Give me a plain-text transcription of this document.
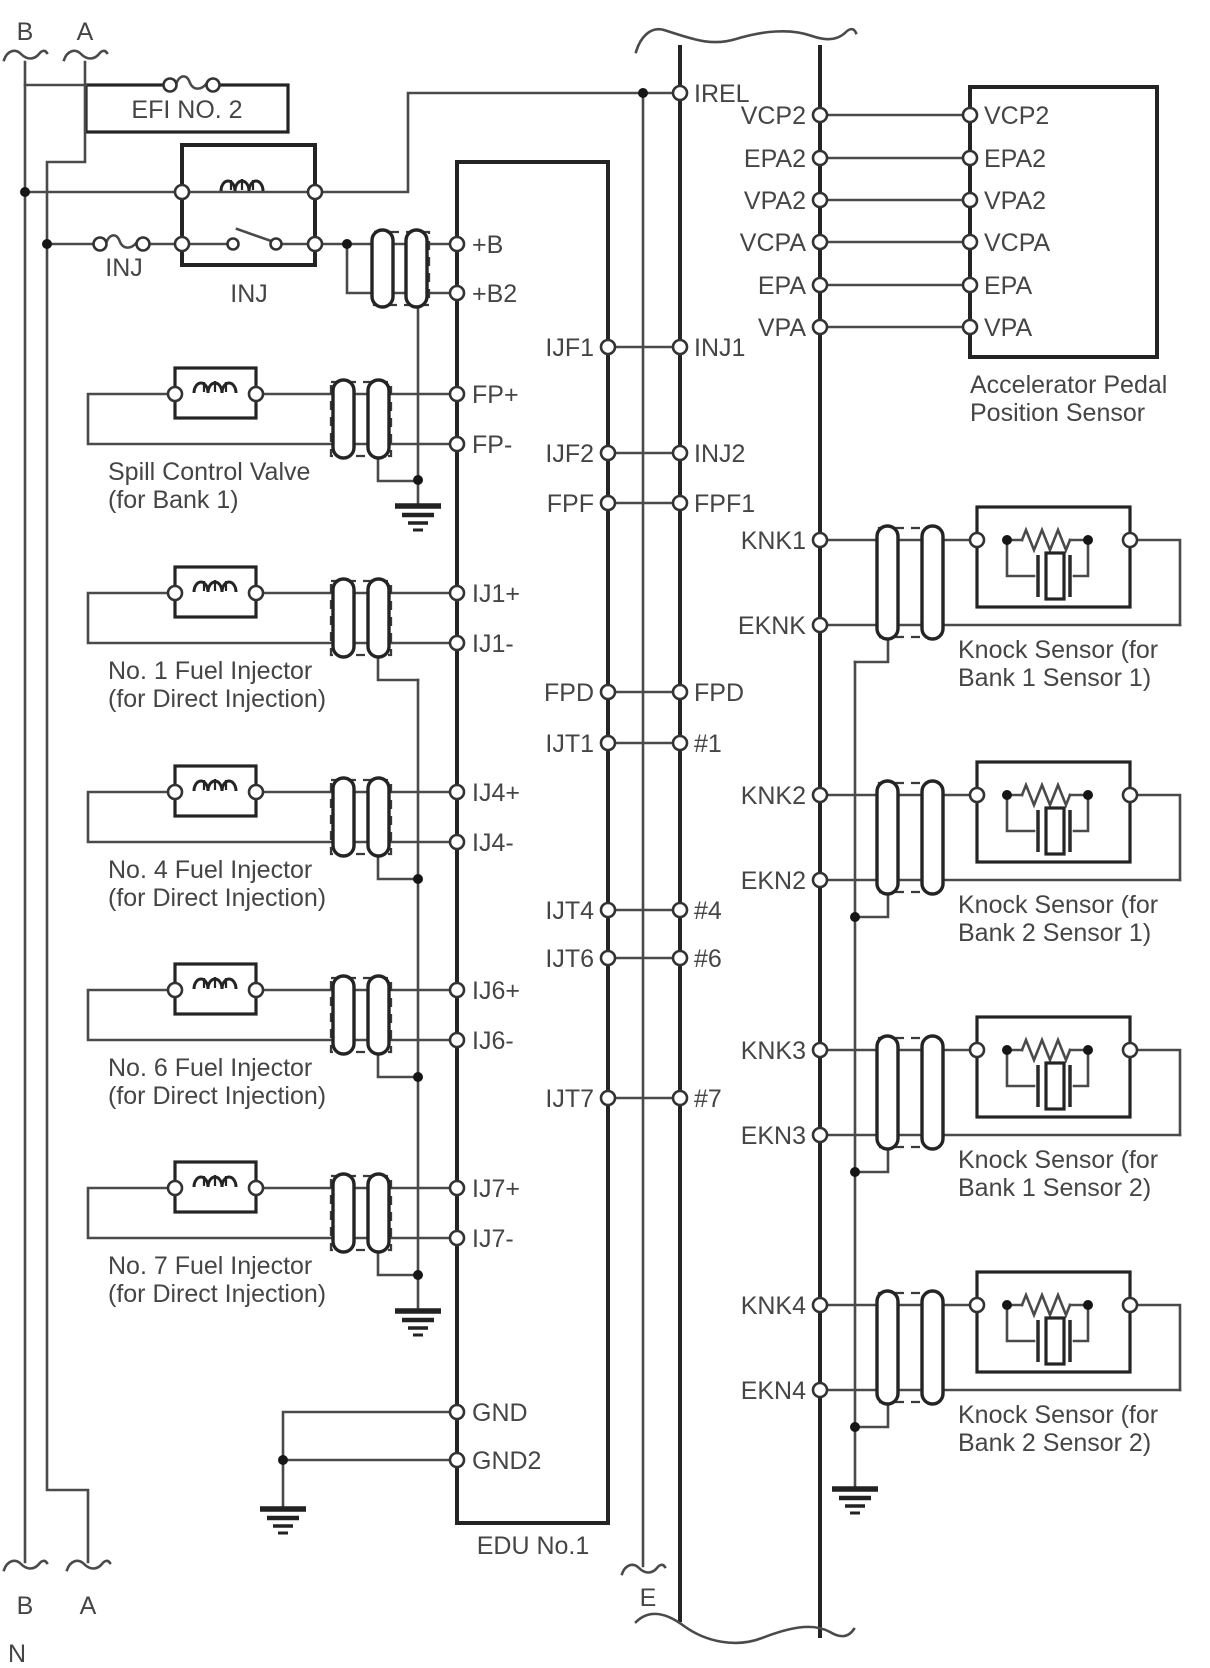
B A
B A
N
E
EFI NO. 2
INJ
INJ
EDU No.1
+B
+B2
FP+
FP-
IJ1+
IJ1-
IJ4+
IJ4-
IJ6+
IJ6-
IJ7+
IJ7-
GND
GND2
IJF1
IJF2
FPF
FPD
IJT1
IJT4
IJT6
IJT7
IREL
INJ1
INJ2
FPF1
FPD
#1
#4
#6
#7
VCP2
EPA2
VPA2
VCPA
EPA
VPA
KNK1
EKNK
KNK2
EKN2
KNK3
EKN3
KNK4
EKN4
VCP2
EPA2
VPA2
VCPA
EPA
VPA
Accelerator Pedal
Position Sensor
Spill Control Valve
(for Bank 1)
No. 1 Fuel Injector
(for Direct Injection)
No. 4 Fuel Injector
(for Direct Injection)
No. 6 Fuel Injector
(for Direct Injection)
No. 7 Fuel Injector
(for Direct Injection)
Knock Sensor (for
Bank 1 Sensor 1)
Knock Sensor (for
Bank 2 Sensor 1)
Knock Sensor (for
Bank 1 Sensor 2)
Knock Sensor (for
Bank 2 Sensor 2)
